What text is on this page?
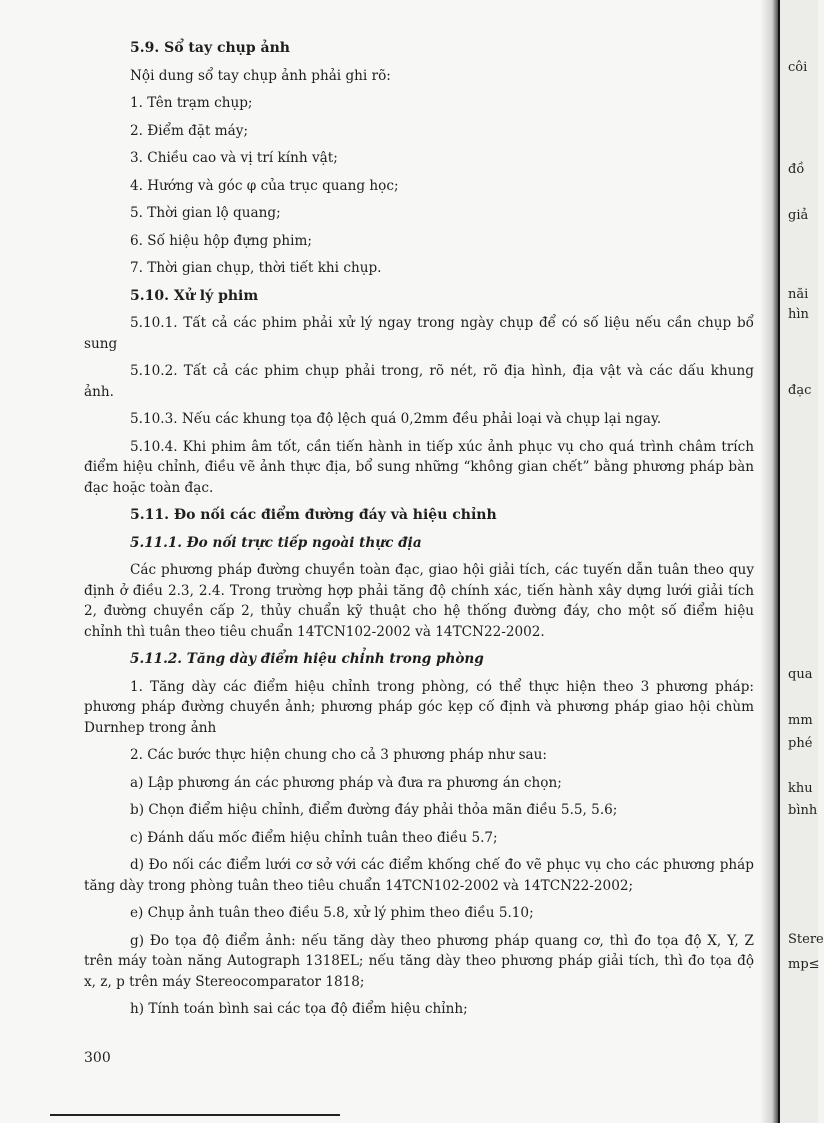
5.9. Sổ tay chụp ảnh
Nội dung sổ tay chụp ảnh phải ghi rõ:
1. Tên trạm chụp;
2. Điểm đặt máy;
3. Chiều cao và vị trí kính vật;
4. Hướng và góc φ của trục quang học;
5. Thời gian lộ quang;
6. Số hiệu hộp đựng phim;
7. Thời gian chụp, thời tiết khi chụp.
5.10. Xử lý phim

5.10.1. Tất cả các phim phải xử lý ngay trong ngày chụp để có số liệu nếu cần chụp bổ sung

5.10.2. Tất cả các phim chụp phải trong, rõ nét, rõ địa hình, địa vật và các dấu khung ảnh.

5.10.3. Nếu các khung tọa độ lệch quá 0,2mm đều phải loại và chụp lại ngay.

5.10.4. Khi phim âm tốt, cần tiến hành in tiếp xúc ảnh phục vụ cho quá trình châm trích điểm hiệu chỉnh, điều vẽ ảnh thực địa, bổ sung những “không gian chết” bằng phương pháp bàn đạc hoặc toàn đạc.

5.11. Đo nối các điểm đường đáy và hiệu chỉnh
5.11.1. Đo nối trực tiếp ngoài thực địa

Các phương pháp đường chuyền toàn đạc, giao hội giải tích, các tuyến dẫn tuân theo quy định ở điều 2.3, 2.4. Trong trường hợp phải tăng độ chính xác, tiến hành xây dựng lưới giải tích 2, đường chuyền cấp 2, thủy chuẩn kỹ thuật cho hệ thống đường đáy, cho một số điểm hiệu chỉnh thì tuân theo tiêu chuẩn 14TCN102-2002 và 14TCN22-2002.

5.11.2. Tăng dày điểm hiệu chỉnh trong phòng

1. Tăng dày các điểm hiệu chỉnh trong phòng, có thể thực hiện theo 3 phương pháp: phương pháp đường chuyền ảnh; phương pháp góc kẹp cố định và phương pháp giao hội chùm Durnhep trong ảnh

2. Các bước thực hiện chung cho cả 3 phương pháp như sau:

a) Lập phương án các phương pháp và đưa ra phương án chọn;

b) Chọn điểm hiệu chỉnh, điểm đường đáy phải thỏa mãn điều 5.5, 5.6;

c) Đánh dấu mốc điểm hiệu chỉnh tuân theo điều 5.7;

d) Đo nối các điểm lưới cơ sở với các điểm khống chế đo vẽ phục vụ cho các phương pháp tăng dày trong phòng tuân theo tiêu chuẩn 14TCN102-2002 và 14TCN22-2002;

e) Chụp ảnh tuân theo điều 5.8, xử lý phim theo điều 5.10;

g) Đo tọa độ điểm ảnh: nếu tăng dày theo phương pháp quang cơ, thì đo tọa độ X, Y, Z trên máy toàn năng Autograph 1318EL; nếu tăng dày theo phương pháp giải tích, thì đo tọa độ x, z, p trên máy Stereocomparator 1818;

h) Tính toán bình sai các tọa độ điểm hiệu chỉnh;

300
côi
đồ
giả
năi
hìn
đạc
qua
mm
phé
khu
bình
Stere
mp≤
